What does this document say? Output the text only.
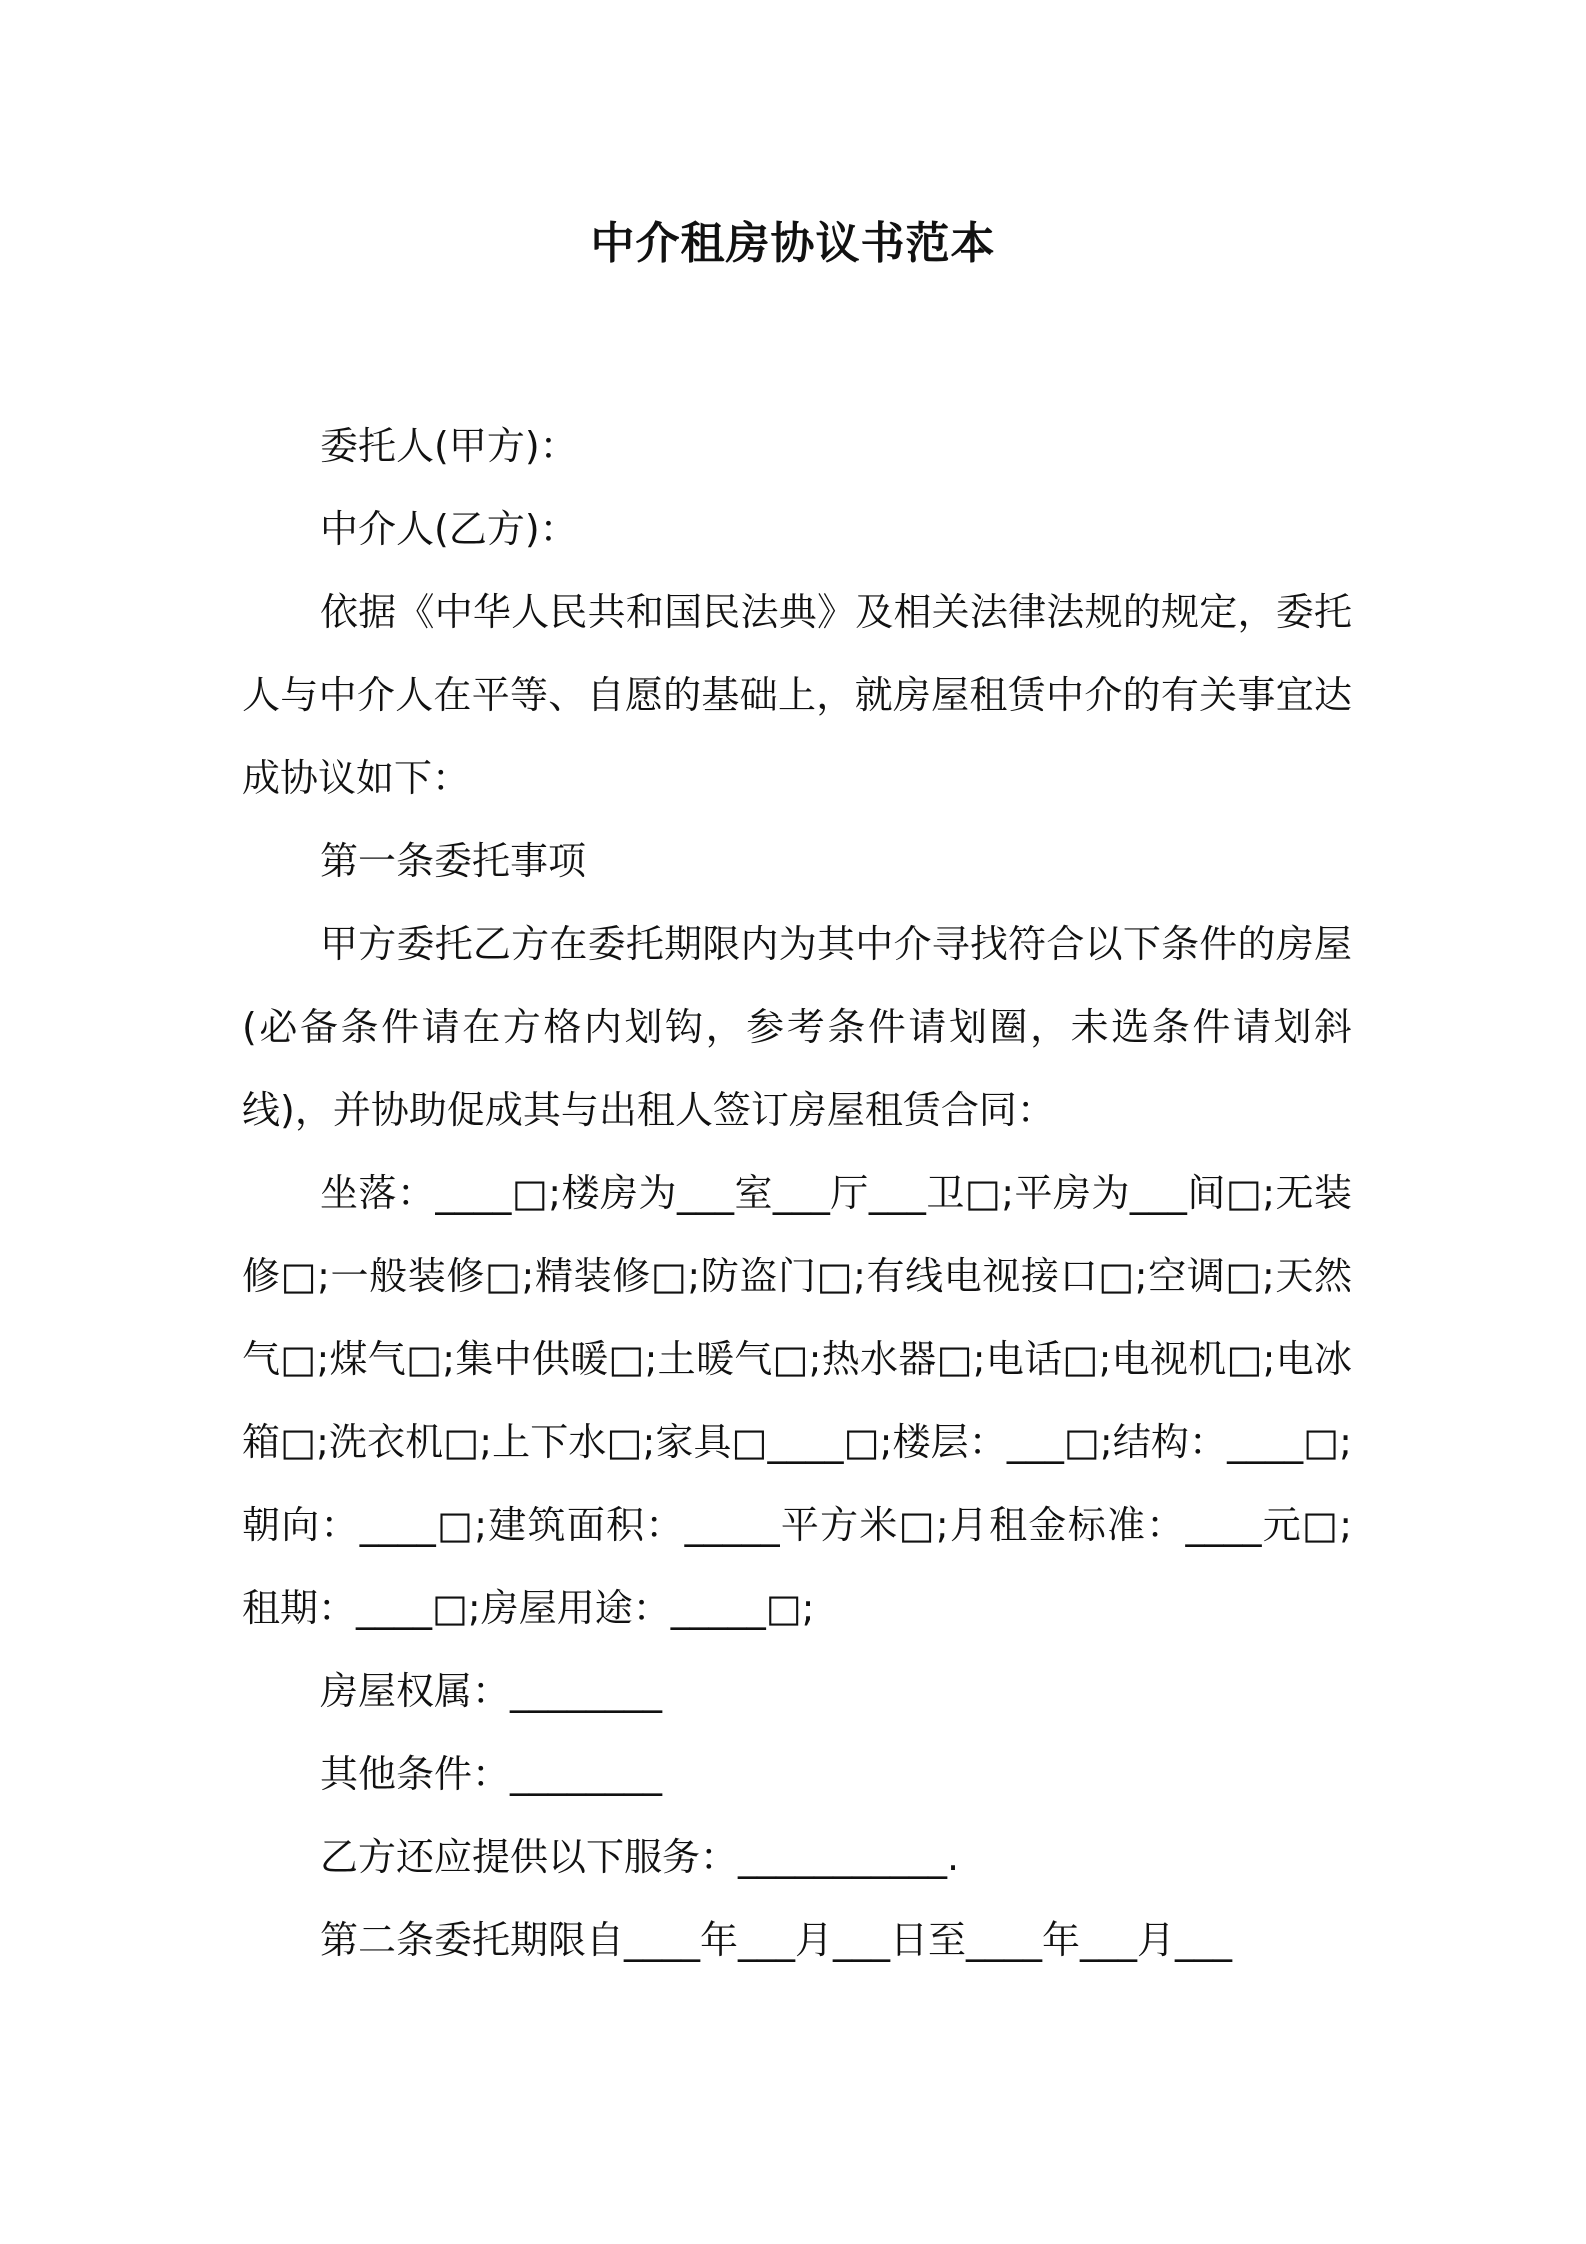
中介租房协议书范本

委托人(甲方)：

中介人(乙方)：

依据《中华人民共和国民法典》及相关法律法规的规定，委托人与中介人在平等、自愿的基础上，就房屋租赁中介的有关事宜达成协议如下：

第一条委托事项

甲方委托乙方在委托期限内为其中介寻找符合以下条件的房屋(必备条件请在方格内划钩，参考条件请划圈，未选条件请划斜线)，并协助促成其与出租人签订房屋租赁合同：

坐落：____□;楼房为___室___厅___卫□;平房为___间□;无装修□;一般装修□;精装修□;防盗门□;有线电视接口□;空调□;天然气□;煤气□;集中供暖□;土暖气□;热水器□;电话□;电视机□;电冰箱□;洗衣机□;上下水□;家具□____□;楼层：___□;结构：____□;朝向：____□;建筑面积：_____平方米□;月租金标准：____元□;租期：____□;房屋用途：_____□;

房屋权属：________

其他条件：________

乙方还应提供以下服务：___________.

第二条委托期限自____年___月___日至____年___月___
